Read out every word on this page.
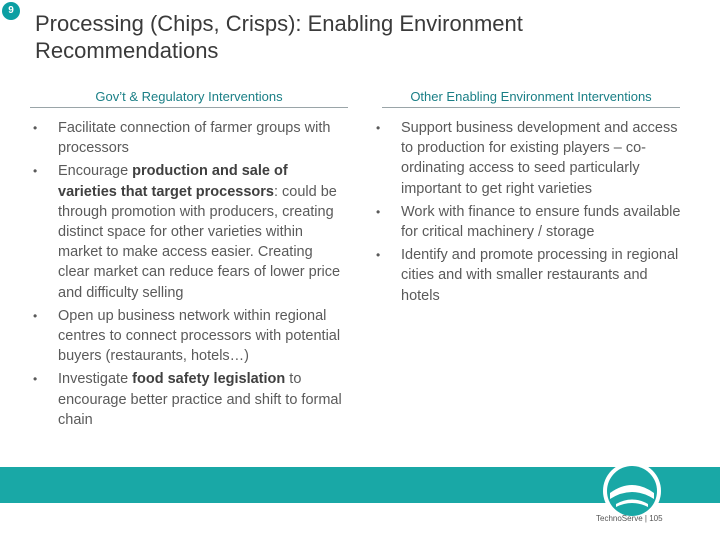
9
Processing (Chips, Crisps): Enabling Environment Recommendations
Gov’t & Regulatory Interventions
• Facilitate connection of farmer groups with processors
• Encourage production and sale of varieties that target processors: could be through promotion with producers, creating distinct space for other varieties within market to make access easier. Creating clear market can reduce fears of lower price and difficulty selling
• Open up business network within regional centres to connect processors with potential buyers (restaurants, hotels…)
• Investigate food safety legislation to encourage better practice and shift to formal chain
Other Enabling Environment Interventions
• Support business development and access to production for existing players – co-ordinating access to seed particularly important to get right varieties
• Work with finance to ensure funds available for critical machinery / storage
• Identify and promote processing in regional cities and with smaller restaurants and hotels
TechnoServe | 105
